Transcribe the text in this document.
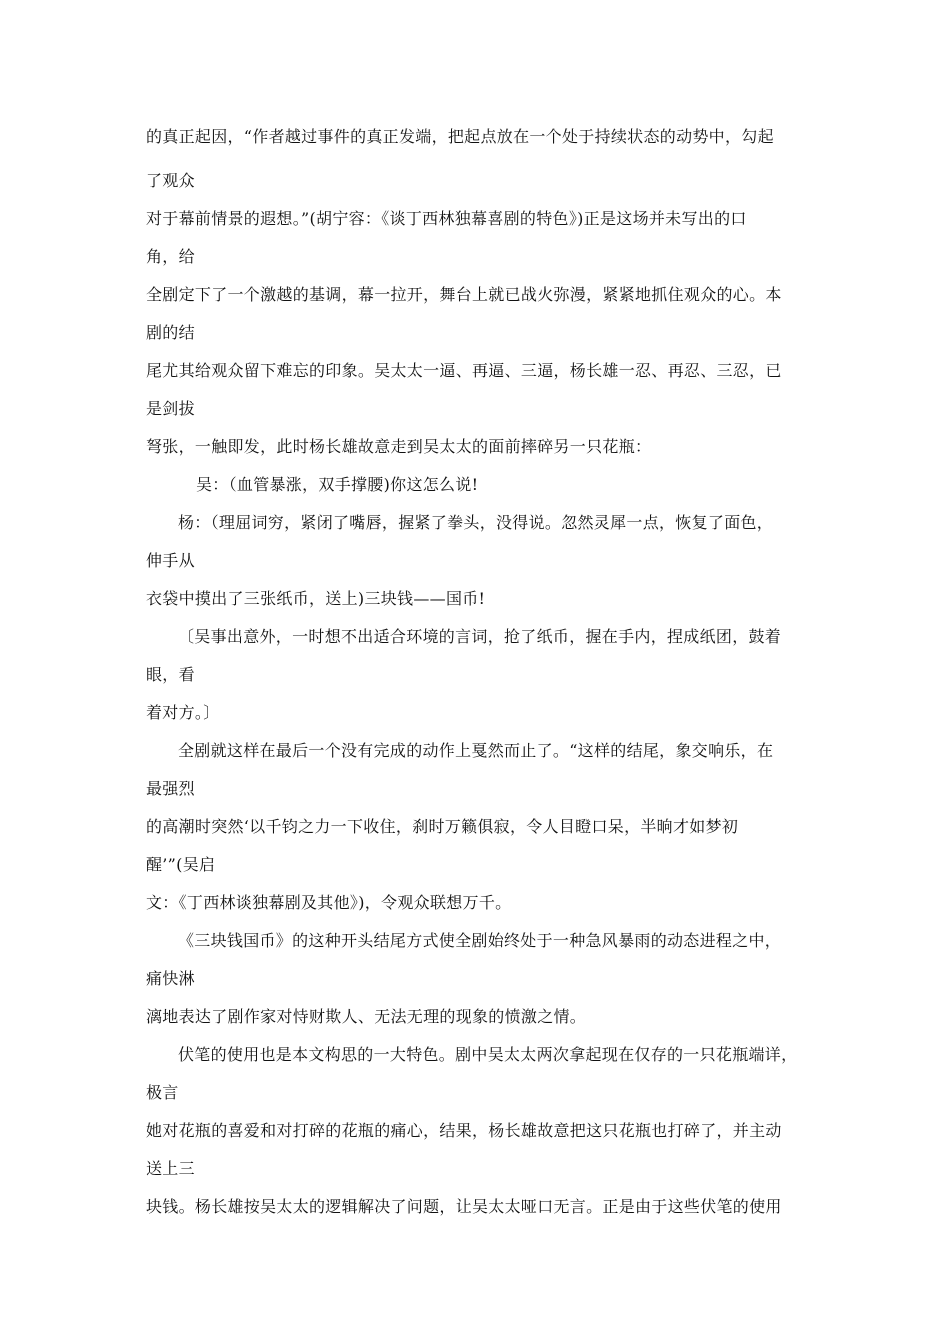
的真正起因，“作者越过事件的真正发端，把起点放在一个处于持续状态的动势中，勾起
了观众
对于幕前情景的遐想。”(胡宁容：《谈丁西林独幕喜剧的特色》)正是这场并未写出的口
角，给
全剧定下了一个激越的基调，幕一拉开，舞台上就已战火弥漫，紧紧地抓住观众的心。本
剧的结
尾尤其给观众留下难忘的印象。吴太太一逼、再逼、三逼，杨长雄一忍、再忍、三忍，已
是剑拔
弩张，一触即发，此时杨长雄故意走到吴太太的面前摔碎另一只花瓶：
吴：（血管暴涨，双手撑腰)你这怎么说!
杨：（理屈词穷，紧闭了嘴唇，握紧了拳头，没得说。忽然灵犀一点，恢复了面色，
伸手从
衣袋中摸出了三张纸币，送上)三块钱——国币!
〔吴事出意外，一时想不出适合环境的言词，抢了纸币，握在手内，捏成纸团，鼓着
眼，看
着对方。〕
全剧就这样在最后一个没有完成的动作上戛然而止了。“这样的结尾，象交响乐，在
最强烈
的高潮时突然‘以千钧之力一下收住，刹时万籁俱寂，令人目瞪口呆，半晌才如梦初
醒’”(吴启
文：《丁西林谈独幕剧及其他》)，令观众联想万千。
《三块钱国币》的这种开头结尾方式使全剧始终处于一种急风暴雨的动态进程之中，
痛快淋
漓地表达了剧作家对恃财欺人、无法无理的现象的愤激之情。
伏笔的使用也是本文构思的一大特色。剧中吴太太两次拿起现在仅存的一只花瓶端详，
极言
她对花瓶的喜爱和对打碎的花瓶的痛心，结果，杨长雄故意把这只花瓶也打碎了，并主动
送上三
块钱。杨长雄按吴太太的逻辑解决了问题，让吴太太哑口无言。正是由于这些伏笔的使用
